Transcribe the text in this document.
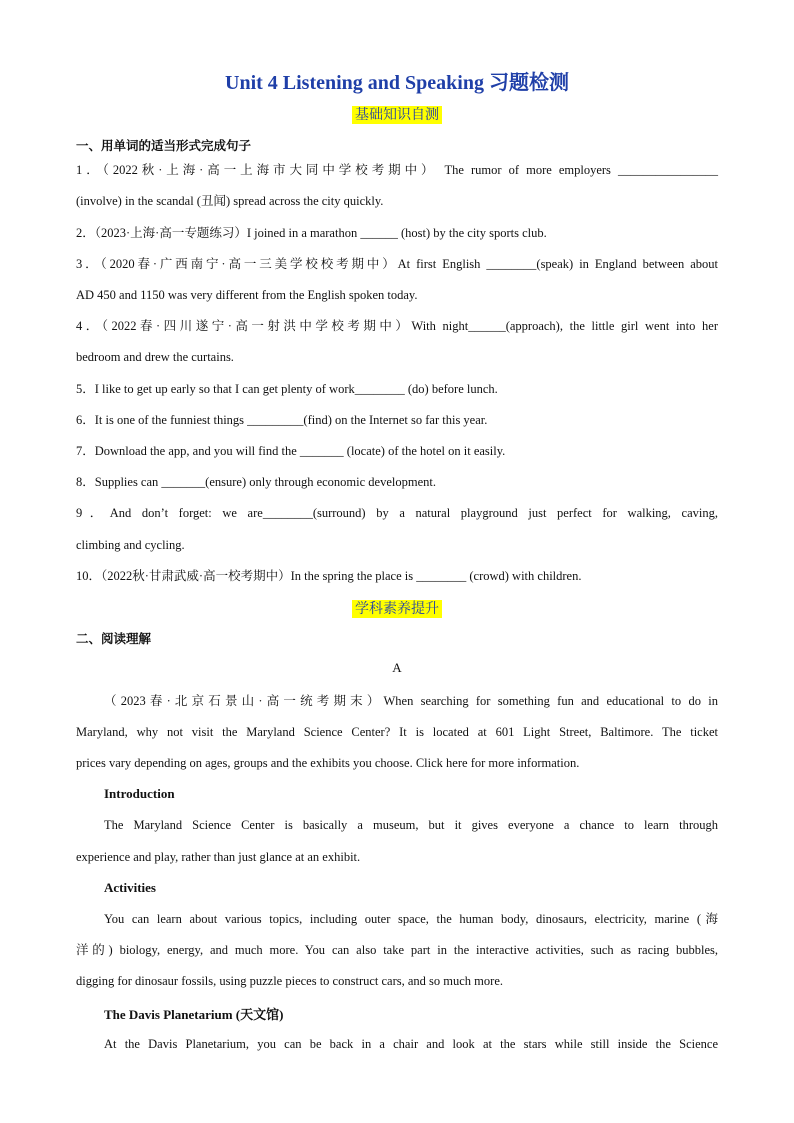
Unit 4 Listening and Speaking 习题检测
基础知识自测
一、用单词的适当形式完成句子
1．（2022秋·上海·高一上海市大同中学校考期中） The rumor of more employers ________________
(involve) in the scandal (丑闻) spread across the city quickly.
2．（2023·上海·高一专题练习）I joined in a marathon ______ (host) by the city sports club.
3．（2020春·广西南宁·高一三美学校校考期中）At first English ________(speak) in England between about
AD 450 and 1150 was very different from the English spoken today.
4．（2022春·四川遂宁·高一射洪中学校考期中）With night______(approach), the little girl went into her
bedroom and drew the curtains.
5．I like to get up early so that I can get plenty of work________ (do) before lunch.
6．It is one of the funniest things _________(find) on the Internet so far this year.
7．Download the app, and you will find the _______ (locate) of the hotel on it easily.
8．Supplies can _______(ensure) only through economic development.
9．And don’t forget: we are________(surround) by a natural playground just perfect for walking, caving,
climbing and cycling.
10．（2022秋·甘肃武威·高一校考期中）In the spring the place is ________ (crowd) with children.
学科素养提升
二、阅读理解
A
（2023春·北京石景山·高一统考期末）When searching for something fun and educational to do in
Maryland, why not visit the Maryland Science Center? It is located at 601 Light Street, Baltimore. The ticket
prices vary depending on ages, groups and the exhibits you choose. Click here for more information.
Introduction
The Maryland Science Center is basically a museum, but it gives everyone a chance to learn through
experience and play, rather than just glance at an exhibit.
Activities
You can learn about various topics, including outer space, the human body, dinosaurs, electricity, marine (海
洋的) biology, energy, and much more. You can also take part in the interactive activities, such as racing bubbles,
digging for dinosaur fossils, using puzzle pieces to construct cars, and so much more.
The Davis Planetarium (天文馆)
At the Davis Planetarium, you can be back in a chair and look at the stars while still inside the Science
